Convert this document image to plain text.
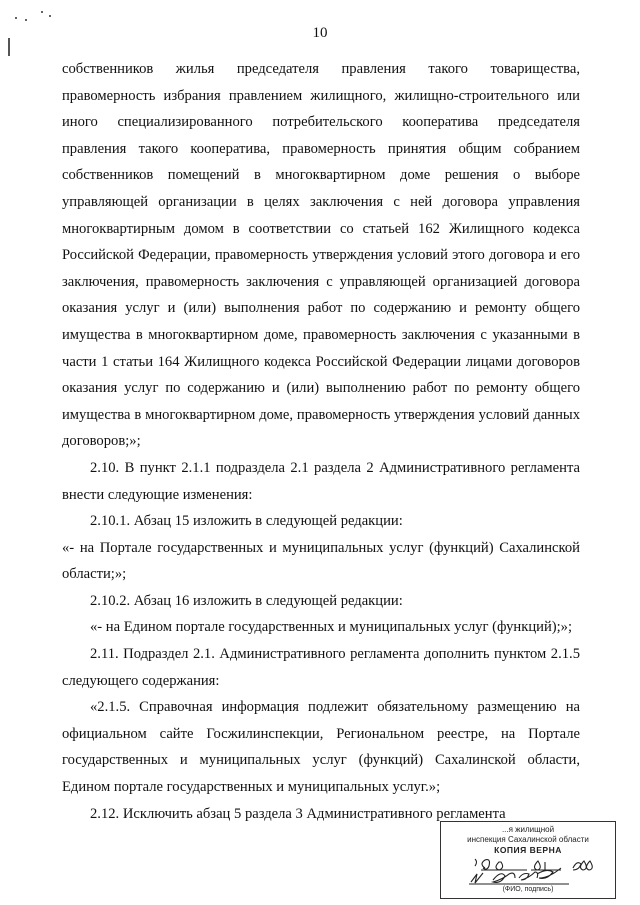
10

собственников жилья председателя правления такого товарищества, правомерность избрания правлением жилищного, жилищно-строительного или иного специализированного потребительского кооператива председателя правления такого кооператива, правомерность принятия общим собранием собственников помещений в многоквартирном доме решения о выборе управляющей организации в целях заключения с ней договора управления многоквартирным домом в соответствии со статьей 162 Жилищного кодекса Российской Федерации, правомерность утверждения условий этого договора и его заключения, правомерность заключения с управляющей организацией договора оказания услуг и (или) выполнения работ по содержанию и ремонту общего имущества в многоквартирном доме, правомерность заключения с указанными в части 1 статьи 164 Жилищного кодекса Российской Федерации лицами договоров оказания услуг по содержанию и (или) выполнению работ по ремонту общего имущества в многоквартирном доме, правомерность утверждения условий данных договоров;»;

2.10. В пункт 2.1.1 подраздела 2.1 раздела 2 Административного регламента внести следующие изменения:

2.10.1. Абзац 15 изложить в следующей редакции:

«- на Портале государственных и муниципальных услуг (функций) Сахалинской области;»;

2.10.2. Абзац 16 изложить в следующей редакции:

«- на Едином портале государственных и муниципальных услуг (функций);»;

2.11. Подраздел 2.1. Административного регламента дополнить пунктом 2.1.5 следующего содержания:

«2.1.5. Справочная информация подлежит обязательному размещению на официальном сайте Госжилинспекции, Региональном реестре, на Портале государственных и муниципальных услуг (функций) Сахалинской области, Едином портале государственных и муниципальных услуг.»;

2.12. Исключить абзац 5 раздела 3 Административного регламента

...я жилищной
инспекция Сахалинской области
КОПИЯ ВЕРНА
(ФИО, подпись)
